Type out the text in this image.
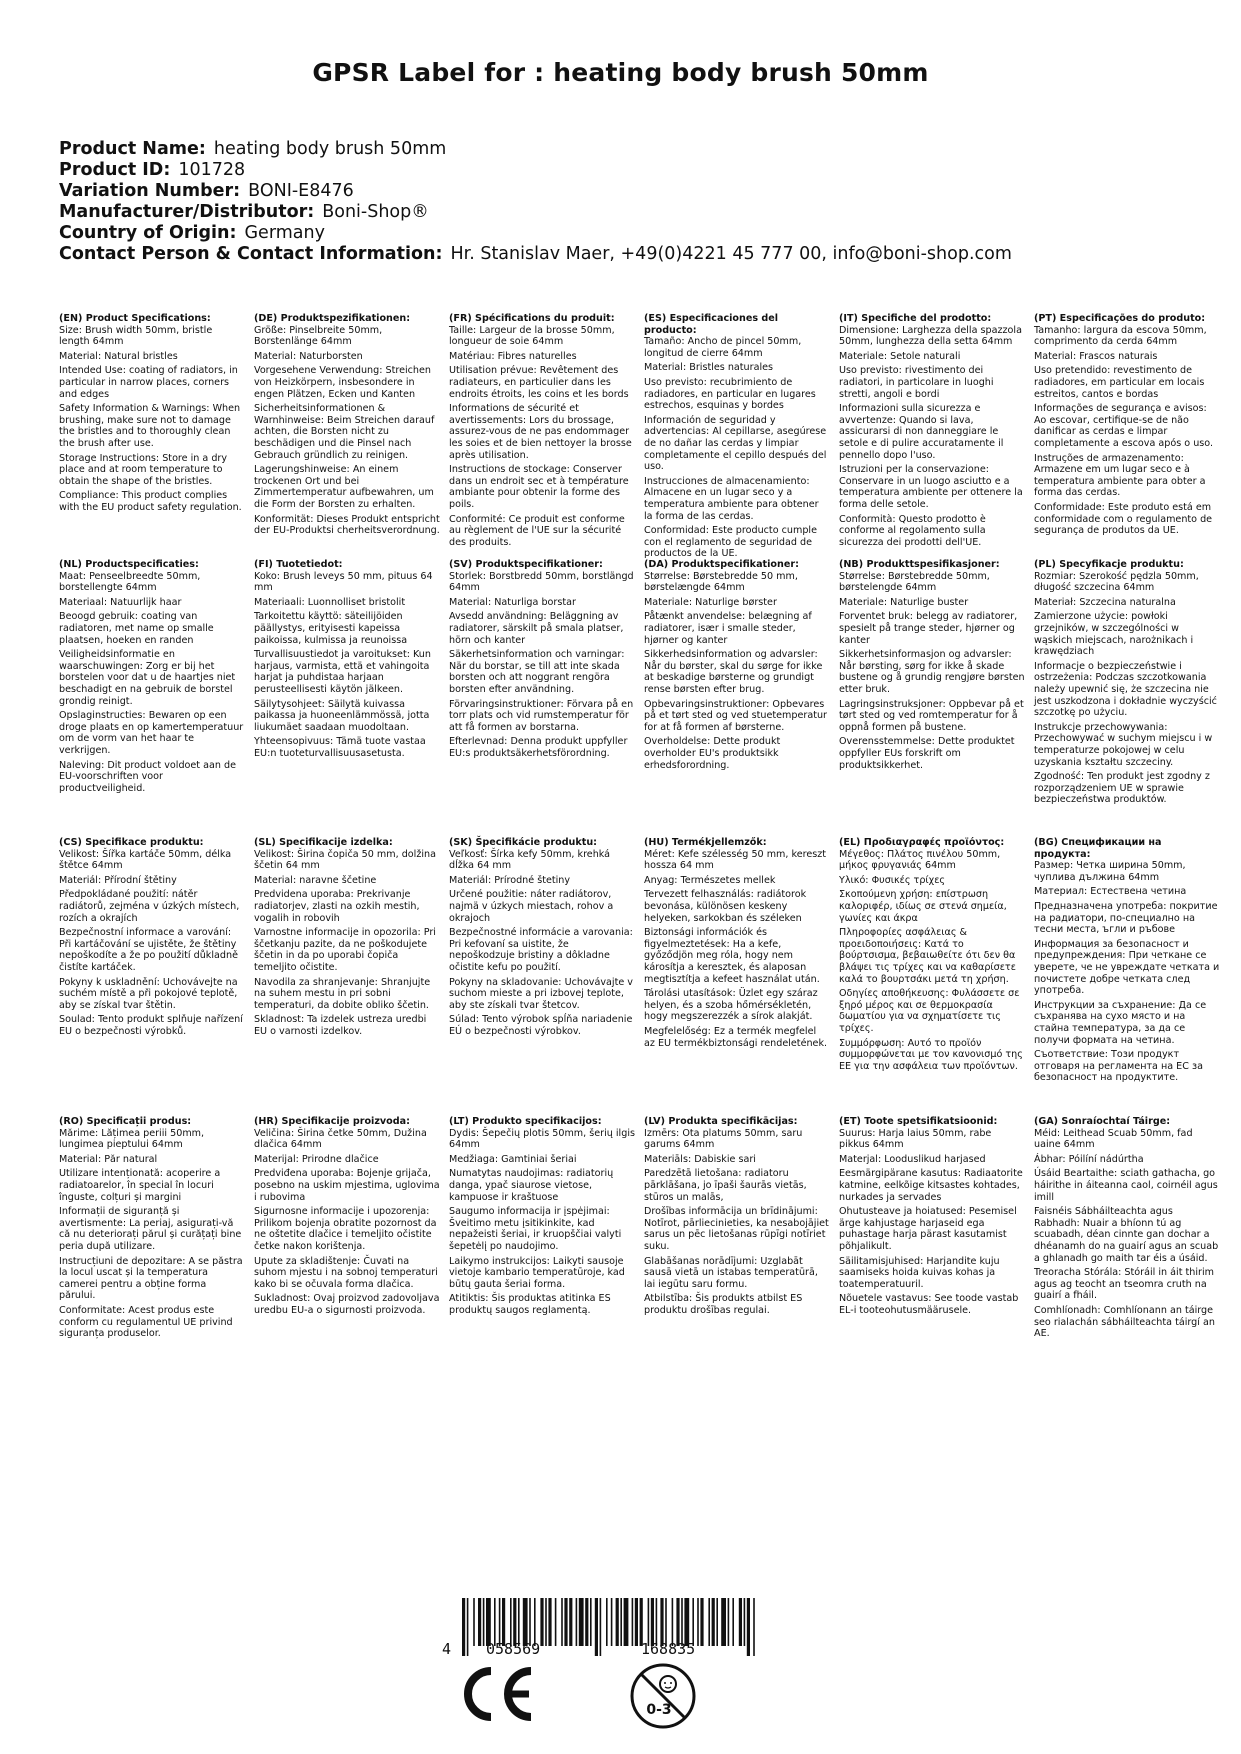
GPSR Label for : heating body brush 50mm
Product Name: heating body brush 50mm
Product ID: 101728
Variation Number: BONI-E8476
Manufacturer/Distributor: Boni-Shop®
Country of Origin: Germany
Contact Person & Contact Information: Hr. Stanislav Maer, +49(0)4221 45 777 00, info@boni-shop.com
(EN) Product Specifications:

Size: Brush width 50mm, bristle length 64mm

Material: Natural bristles

Intended Use: coating of radiators, in particular in narrow places, corners and edges

Safety Information & Warnings: When brushing, make sure not to damage the bristles and to thoroughly clean the brush after use.

Storage Instructions: Store in a dry place and at room temperature to obtain the shape of the bristles.

Compliance: This product complies with the EU product safety regulation.

(DE) Produktspezifikationen:

Größe: Pinselbreite 50mm, Borstenlänge 64mm

Material: Naturborsten

Vorgesehene Verwendung: Streichen von Heizkörpern, insbesondere in engen Plätzen, Ecken und Kanten

Sicherheitsinformationen & Warnhinweise: Beim Streichen darauf achten, die Borsten nicht zu beschädigen und die Pinsel nach Gebrauch gründlich zu reinigen.

Lagerungshinweise: An einem trockenen Ort und bei Zimmertemperatur aufbewahren, um die Form der Borsten zu erhalten.

Konformität: Dieses Produkt entspricht der EU-Produktsi cherheitsverordnung.

(FR) Spécifications du produit:

Taille: Largeur de la brosse 50mm, longueur de soie 64mm

Matériau: Fibres naturelles

Utilisation prévue: Revêtement des radiateurs, en particulier dans les endroits étroits, les coins et les bords

Informations de sécurité et avertissements: Lors du brossage, assurez-vous de ne pas endommager les soies et de bien nettoyer la brosse après utilisation.

Instructions de stockage: Conserver dans un endroit sec et à température ambiante pour obtenir la forme des poils.

Conformité: Ce produit est conforme au règlement de l'UE sur la sécurité des produits.

(ES) Especificaciones del producto:

Tamaño: Ancho de pincel 50mm, longitud de cierre 64mm

Material: Bristles naturales

Uso previsto: recubrimiento de radiadores, en particular en lugares estrechos, esquinas y bordes

Información de seguridad y advertencias: Al cepillarse, asegúrese de no dañar las cerdas y limpiar completamente el cepillo después del uso.

Instrucciones de almacenamiento: Almacene en un lugar seco y a temperatura ambiente para obtener la forma de las cerdas.

Conformidad: Este producto cumple con el reglamento de seguridad de productos de la UE.

(IT) Specifiche del prodotto:

Dimensione: Larghezza della spazzola 50mm, lunghezza della setta 64mm

Materiale: Setole naturali

Uso previsto: rivestimento dei radiatori, in particolare in luoghi stretti, angoli e bordi

Informazioni sulla sicurezza e avvertenze: Quando si lava, assicurarsi di non danneggiare le setole e di pulire accuratamente il pennello dopo l'uso.

Istruzioni per la conservazione: Conservare in un luogo asciutto e a temperatura ambiente per ottenere la forma delle setole.

Conformità: Questo prodotto è conforme al regolamento sulla sicurezza dei prodotti dell'UE.

(PT) Especificações do produto:

Tamanho: largura da escova 50mm, comprimento da cerda 64mm

Material: Frascos naturais

Uso pretendido: revestimento de radiadores, em particular em locais estreitos, cantos e bordas

Informações de segurança e avisos: Ao escovar, certifique-se de não danificar as cerdas e limpar completamente a escova após o uso.

Instruções de armazenamento: Armazene em um lugar seco e à temperatura ambiente para obter a forma das cerdas.

Conformidade: Este produto está em conformidade com o regulamento de segurança de produtos da UE.

(NL) Productspecificaties:

Maat: Penseelbreedte 50mm, borstellengte 64mm

Materiaal: Natuurlijk haar

Beoogd gebruik: coating van radiatoren, met name op smalle plaatsen, hoeken en randen

Veiligheidsinformatie en waarschuwingen: Zorg er bij het borstelen voor dat u de haartjes niet beschadigt en na gebruik de borstel grondig reinigt.

Opslaginstructies: Bewaren op een droge plaats en op kamertemperatuur om de vorm van het haar te verkrijgen.

Naleving: Dit product voldoet aan de EU-voorschriften voor productveiligheid.

(FI) Tuotetiedot:

Koko: Brush leveys 50 mm, pituus 64 mm

Materiaali: Luonnolliset bristolit

Tarkoitettu käyttö: säteilijöiden päällystys, erityisesti kapeissa paikoissa, kulmissa ja reunoissa

Turvallisuustiedot ja varoitukset: Kun harjaus, varmista, että et vahingoita harjat ja puhdistaa harjaan perusteellisesti käytön jälkeen.

Säilytysohjeet: Säilytä kuivassa paikassa ja huoneenlämmössä, jotta liukumäet saadaan muodoltaan.

Yhteensopivuus: Tämä tuote vastaa EU:n tuoteturvallisuusasetusta.

(SV) Produktspecifikationer:

Storlek: Borstbredd 50mm, borstlängd 64mm

Material: Naturliga borstar

Avsedd användning: Beläggning av radiatorer, särskilt på smala platser, hörn och kanter

Säkerhetsinformation och varningar: När du borstar, se till att inte skada borsten och att noggrant rengöra borsten efter användning.

Förvaringsinstruktioner: Förvara på en torr plats och vid rumstemperatur för att få formen av borstarna.

Efterlevnad: Denna produkt uppfyller EU:s produktsäkerhetsförordning.

(DA) Produktspecifikationer:

Størrelse: Børstebredde 50 mm, børstelængde 64mm

Materiale: Naturlige børster

Påtænkt anvendelse: belægning af radiatorer, især i smalle steder, hjørner og kanter

Sikkerhedsinformation og advarsler: Når du børster, skal du sørge for ikke at beskadige børsterne og grundigt rense børsten efter brug.

Opbevaringsinstruktioner: Opbevares på et tørt sted og ved stuetemperatur for at få formen af børsterne.

Overholdelse: Dette produkt overholder EU's produktsikk erhedsforordning.

(NB) Produkttspesifikasjoner:

Størrelse: Børstebredde 50mm, børstelengde 64mm

Materiale: Naturlige buster

Forventet bruk: belegg av radiatorer, spesielt på trange steder, hjørner og kanter

Sikkerhetsinformasjon og advarsler: Når børsting, sørg for ikke å skade bustene og å grundig rengjøre børsten etter bruk.

Lagringsinstruksjoner: Oppbevar på et tørt sted og ved romtemperatur for å oppnå formen på bustene.

Overensstemmelse: Dette produktet oppfyller EUs forskrift om produktsikkerhet.

(PL) Specyfikacje produktu:

Rozmiar: Szerokość pędzla 50mm, długość szczecina 64mm

Materiał: Szczecina naturalna

Zamierzone użycie: powłoki grzejników, w szczególności w wąskich miejscach, narożnikach i krawędziach

Informacje o bezpieczeństwie i ostrzeżenia: Podczas szczotkowania należy upewnić się, że szczecina nie jest uszkodzona i dokładnie wyczyścić szczotkę po użyciu.

Instrukcje przechowywania: Przechowywać w suchym miejscu i w temperaturze pokojowej w celu uzyskania kształtu szczeciny.

Zgodność: Ten produkt jest zgodny z rozporządzeniem UE w sprawie bezpieczeństwa produktów.

(CS) Specifikace produktu:

Velikost: Šířka kartáče 50mm, délka štětce 64mm

Materiál: Přírodní štětiny

Předpokládané použití: nátěr radiátorů, zejména v úzkých místech, rozích a okrajích

Bezpečnostní informace a varování: Při kartáčování se ujistěte, že štětiny nepoškodíte a že po použití důkladně čistíte kartáček.

Pokyny k uskladnění: Uchovávejte na suchém místě a při pokojové teplotě, aby se získal tvar štětin.

Soulad: Tento produkt splňuje nařízení EU o bezpečnosti výrobků.

(SL) Specifikacije izdelka:

Velikost: Širina čopiča 50 mm, dolžina ščetin 64 mm

Material: naravne ščetine

Predvidena uporaba: Prekrivanje radiatorjev, zlasti na ozkih mestih, vogalih in robovih

Varnostne informacije in opozorila: Pri ščetkanju pazite, da ne poškodujete ščetin in da po uporabi čopiča temeljito očistite.

Navodila za shranjevanje: Shranjujte na suhem mestu in pri sobni temperaturi, da dobite obliko ščetin.

Skladnost: Ta izdelek ustreza uredbi EU o varnosti izdelkov.

(SK) Špecifikácie produktu:

Veľkosť: Šírka kefy 50mm, krehká dĺžka 64 mm

Materiál: Prírodné štetiny

Určené použitie: náter radiátorov, najmä v úzkych miestach, rohov a okrajoch

Bezpečnostné informácie a varovania: Pri kefovaní sa uistite, že nepoškodzuje bristiny a dôkladne očistite kefu po použití.

Pokyny na skladovanie: Uchovávajte v suchom mieste a pri izbovej teplote, aby ste získali tvar štetcov.

Súlad: Tento výrobok spĺňa nariadenie EÚ o bezpečnosti výrobkov.

(HU) Termékjellemzők:

Méret: Kefe szélesség 50 mm, kereszt hossza 64 mm

Anyag: Természetes mellek

Tervezett felhasználás: radiátorok bevonása, különösen keskeny helyeken, sarkokban és széleken

Biztonsági információk és figyelmeztetések: Ha a kefe, győződjön meg róla, hogy nem károsítja a keresztek, és alaposan megtisztítja a kefeet használat után.

Tárolási utasítások: Üzlet egy száraz helyen, és a szoba hőmérsékletén, hogy megszerezzék a sírok alakját.

Megfelelőség: Ez a termék megfelel az EU termékbiztonsági rendeletének.

(EL) Προδιαγραφές προϊόντος:

Μέγεθος: Πλάτος πινέλου 50mm, μήκος φρυγανιάς 64mm

Υλικό: Φυσικές τρίχες

Σκοπούμενη χρήση: επίστρωση καλοριφέρ, ιδίως σε στενά σημεία, γωνίες και άκρα

Πληροφορίες ασφάλειας & προειδοποιήσεις: Κατά το βούρτσισμα, βεβαιωθείτε ότι δεν θα βλάψει τις τρίχες και να καθαρίσετε καλά το βουρτσάκι μετά τη χρήση.

Οδηγίες αποθήκευσης: Φυλάσσετε σε ξηρό μέρος και σε θερμοκρασία δωματίου για να σχηματίσετε τις τρίχες.

Συμμόρφωση: Αυτό το προϊόν συμμορφώνεται με τον κανονισμό της ΕΕ για την ασφάλεια των προϊόντων.

(BG) Спецификации на продукта:

Размер: Четка ширина 50mm, чуплива дължина 64mm

Материал: Естествена четина

Предназначена употреба: покритие на радиатори, по-специално на тесни места, ъгли и ръбове

Информация за безопасност и предупреждения: При четкане се уверете, че не увреждате четката и почистете добре четката след употреба.

Инструкции за съхранение: Да се съхранява на сухо място и на стайна температура, за да се получи формата на четина.

Съответствие: Този продукт отговаря на регламента на ЕС за безопасност на продуктите.

(RO) Specificații produs:

Mărime: Lățimea periii 50mm, lungimea pieptului 64mm

Material: Păr natural

Utilizare intenționată: acoperire a radiatoarelor, în special în locuri înguste, colțuri și margini

Informații de siguranță și avertismente: La periaj, asigurați-vă că nu deteriorați părul și curățați bine peria după utilizare.

Instrucțiuni de depozitare: A se păstra la locul uscat și la temperatura camerei pentru a obține forma părului.

Conformitate: Acest produs este conform cu regulamentul UE privind siguranța produselor.

(HR) Specifikacije proizvoda:

Veličina: Širina četke 50mm, Dužina dlačica 64mm

Materijal: Prirodne dlačice

Predviđena uporaba: Bojenje grijača, posebno na uskim mjestima, uglovima i rubovima

Sigurnosne informacije i upozorenja: Prilikom bojenja obratite pozornost da ne oštetite dlačice i temeljito očistite četke nakon korištenja.

Upute za skladištenje: Čuvati na suhom mjestu i na sobnoj temperaturi kako bi se očuvala forma dlačica.

Sukladnost: Ovaj proizvod zadovoljava uredbu EU-a o sigurnosti proizvoda.

(LT) Produkto specifikacijos:

Dydis: Šepečių plotis 50mm, šerių ilgis 64mm

Medžiaga: Gamtiniai šeriai

Numatytas naudojimas: radiatorių danga, ypač siaurose vietose, kampuose ir kraštuose

Saugumo informacija ir įspėjimai: Šveitimo metu įsitikinkite, kad nepažeisti šeriai, ir kruopščiai valyti šepetėlį po naudojimo.

Laikymo instrukcijos: Laikyti sausoje vietoje kambario temperatūroje, kad būtų gauta šeriai forma.

Atitiktis: Šis produktas atitinka ES produktų saugos reglamentą.

(LV) Produkta specifikācijas:

Izmērs: Ota platums 50mm, saru garums 64mm

Materiāls: Dabiskie sari

Paredzētā lietošana: radiatoru pārklāšana, jo īpaši šaurās vietās, stūros un malās,

Drošības informācija un brīdinājumi: Notīrot, pārliecinieties, ka nesabojājiet sarus un pēc lietošanas rūpīgi notīriet suku.

Glabāšanas norādījumi: Uzglabāt sausā vietā un istabas temperatūrā, lai iegūtu saru formu.

Atbilstība: Šis produkts atbilst ES produktu drošības regulai.

(ET) Toote spetsifikatsioonid:

Suurus: Harja laius 50mm, rabe pikkus 64mm

Materjal: Looduslikud harjased

Eesmärgipärane kasutus: Radiaatorite katmine, eelkõige kitsastes kohtades, nurkades ja servades

Ohutusteave ja hoiatused: Pesemisel ärge kahjustage harjaseid ega puhastage harja pärast kasutamist põhjalikult.

Säilitamisjuhised: Harjandite kuju saamiseks hoida kuivas kohas ja toatemperatuuril.

Nõuetele vastavus: See toode vastab EL-i tooteohutusmäärusele.

(GA) Sonraíochtaí Táirge:

Méid: Leithead Scuab 50mm, fad uaine 64mm

Ábhar: Póilíní nádúrtha

Úsáid Beartaithe: sciath gathacha, go háirithe in áiteanna caol, coirnéil agus imill

Faisnéis Sábháilteachta agus Rabhadh: Nuair a bhíonn tú ag scuabadh, déan cinnte gan dochar a dhéanamh do na guairí agus an scuab a ghlanadh go maith tar éis a úsáid.

Treoracha Stórála: Stóráil in áit thirim agus ag teocht an tseomra cruth na guairí a fháil.

Comhlíonadh: Comhlíonann an táirge seo rialachán sábháilteachta táirgí an AE.

4 058569	168835
0-3
